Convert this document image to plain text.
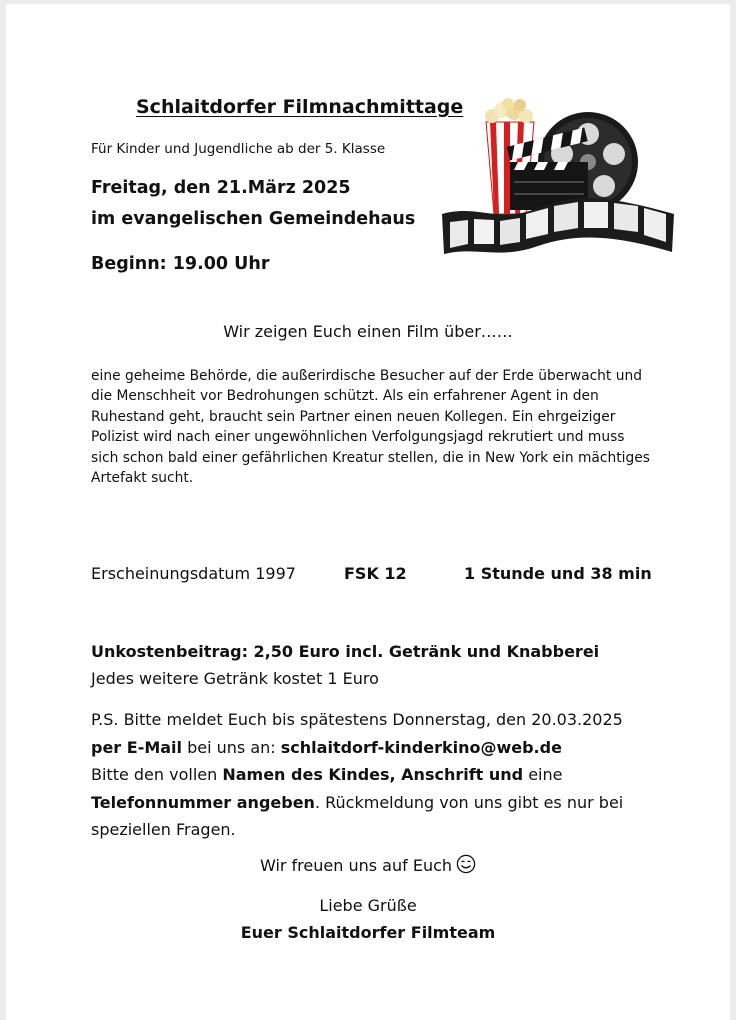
Schlaitdorfer Filmnachmittage
Für Kinder und Jugendliche ab der 5. Klasse
Freitag, den 21.März 2025
im evangelischen Gemeindehaus
Beginn: 19.00 Uhr
Wir zeigen Euch einen Film über……
eine geheime Behörde, die außerirdische Besucher auf der Erde überwacht und
die Menschheit vor Bedrohungen schützt. Als ein erfahrener Agent in den
Ruhestand geht, braucht sein Partner einen neuen Kollegen. Ein ehrgeiziger
Polizist wird nach einer ungewöhnlichen Verfolgungsjagd rekrutiert und muss
sich schon bald einer gefährlichen Kreatur stellen, die in New York ein mächtiges
Artefakt sucht.
Erscheinungsdatum 1997	FSK 12	1 Stunde und 38 min
Unkostenbeitrag: 2,50 Euro incl. Getränk und Knabberei
Jedes weitere Getränk kostet 1 Euro
P.S. Bitte meldet Euch bis spätestens Donnerstag, den 20.03.2025
per E-Mail bei uns an: schlaitdorf-kinderkino@web.de
Bitte den vollen Namen des Kindes, Anschrift und eine
Telefonnummer angeben. Rückmeldung von uns gibt es nur bei
speziellen Fragen.
Wir freuen uns auf Euch
Liebe Grüße
Euer Schlaitdorfer Filmteam
